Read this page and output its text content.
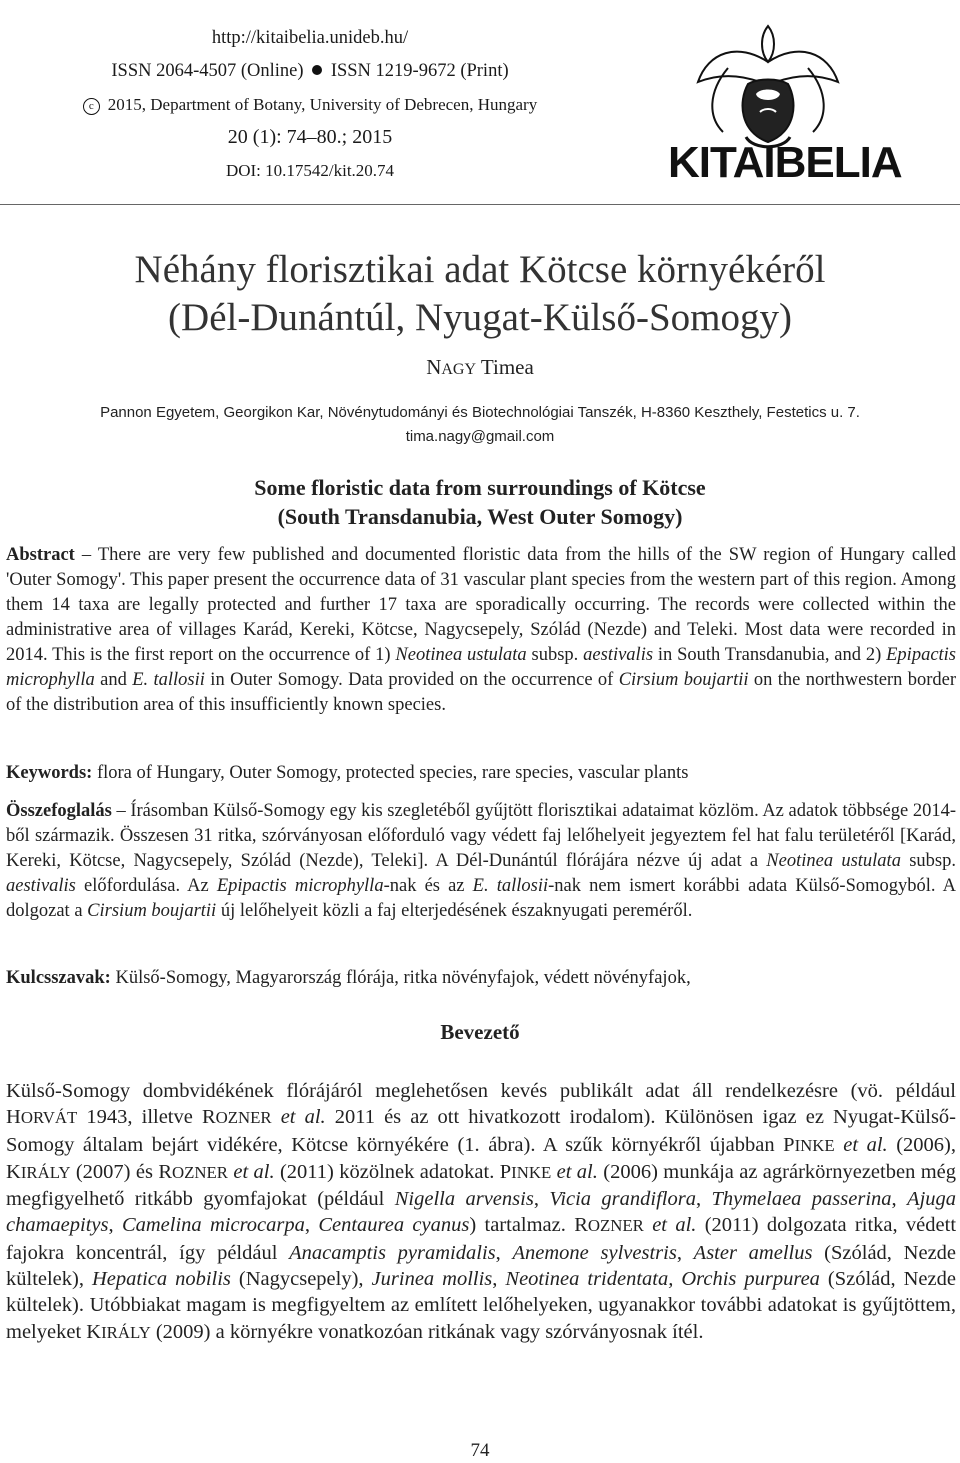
http://kitaibelia.unideb.hu/
ISSN 2064-4507 (Online) ISSN 1219-9672 (Print)
c 2015, Department of Botany, University of Debrecen, Hungary
20 (1): 74–80.; 2015
DOI: 10.17542/kit.20.74	KITAIBELIA
Néhány florisztikai adat Kötcse környékéről
(Dél-Dunántúl, Nyugat-Külső-Somogy)
NAGY Timea
Pannon Egyetem, Georgikon Kar, Növénytudományi és Biotechnológiai Tanszék, H-8360 Keszthely, Festetics u. 7.
tima.nagy@gmail.com
Some floristic data from surroundings of Kötcse
(South Transdanubia, West Outer Somogy)
Abstract – There are very few published and documented floristic data from the hills of the SW region of Hungary called 'Outer Somogy'. This paper present the occurrence data of 31 vascular plant species from the western part of this region. Among them 14 taxa are legally protected and further 17 taxa are sporadically occurring. The records were collected within the administrative area of villages Karád, Kereki, Kötcse, Nagycsepely, Szólád (Nezde) and Teleki. Most data were recorded in 2014. This is the first report on the occurrence of 1) Neotinea ustulata subsp. aestivalis in South Transdanubia, and 2) Epipactis microphylla and E. tallosii in Outer Somogy. Data provided on the occurrence of Cirsium boujartii on the northwestern border of the distribution area of this insufficiently known species.
Keywords: flora of Hungary, Outer Somogy, protected species, rare species, vascular plants
Összefoglalás – Írásomban Külső-Somogy egy kis szegletéből gyűjtött florisztikai adataimat közlöm. Az adatok többsége 2014-ből származik. Összesen 31 ritka, szórványosan előforduló vagy védett faj lelőhelyeit jegyeztem fel hat falu területéről [Karád, Kereki, Kötcse, Nagycsepely, Szólád (Nezde), Teleki]. A Dél-Dunántúl flórájára nézve új adat a Neotinea ustulata subsp. aestivalis előfordulása. Az Epipactis microphylla-nak és az E. tallosii-nak nem ismert korábbi adata Külső-Somogyból. A dolgozat a Cirsium boujartii új lelőhelyeit közli a faj elterjedésének északnyugati pereméről.
Kulcsszavak: Külső-Somogy, Magyarország flórája, ritka növényfajok, védett növényfajok,
Bevezető
Külső-Somogy dombvidékének flórájáról meglehetősen kevés publikált adat áll rendelkezésre (vö. például HORVÁT 1943, illetve ROZNER et al. 2011 és az ott hivatkozott irodalom). Különösen igaz ez Nyugat-Külső-Somogy általam bejárt vidékére, Kötcse környékére (1. ábra). A szűk környékről újabban PINKE et al. (2006), KIRÁLY (2007) és ROZNER et al. (2011) közölnek adatokat. PINKE et al. (2006) munkája az agrárkörnyezetben még megfigyelhető ritkább gyomfajokat (például Nigella arvensis, Vicia grandiflora, Thymelaea passerina, Ajuga chamaepitys, Camelina microcarpa, Centaurea cyanus) tartalmaz. ROZNER et al. (2011) dolgozata ritka, védett fajokra koncentrál, így például Anacamptis pyramidalis, Anemone sylvestris, Aster amellus (Szólád, Nezde kültelek), Hepatica nobilis (Nagycsepely), Jurinea mollis, Neotinea tridentata, Orchis purpurea (Szólád, Nezde kültelek). Utóbbiakat magam is megfigyeltem az említett lelőhelyeken, ugyanakkor további adatokat is gyűjtöttem, melyeket KIRÁLY (2009) a környékre vonatkozóan ritkának vagy szórványosnak ítél.
74
